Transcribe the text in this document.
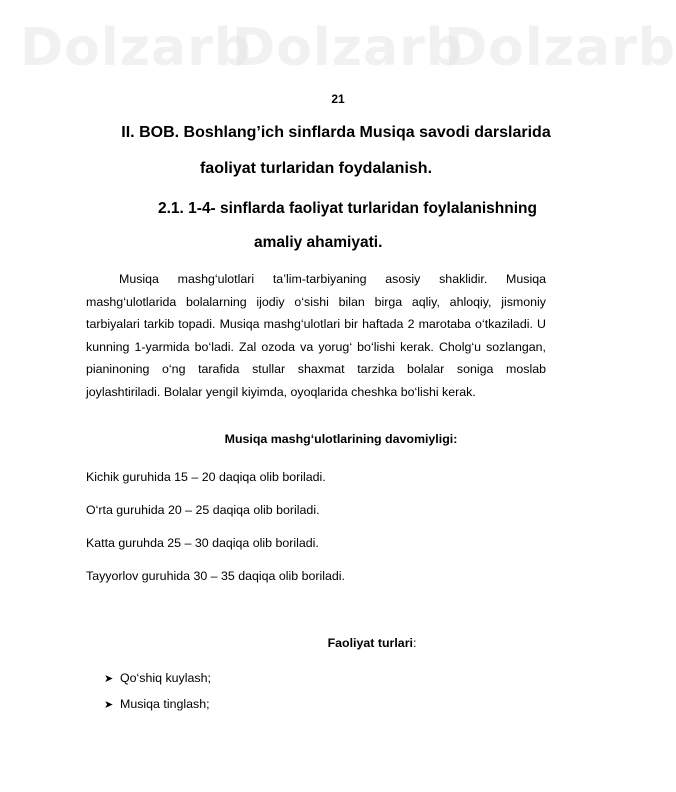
Dolzarb
Dolzarb
Dolzarb
21
II. BOB. Boshlang’ich sinflarda Musiqa savodi darslarida
faoliyat turlaridan foydalanish.
2.1. 1-4- sinflarda faoliyat turlaridan foylalanishning
amaliy ahamiyati.
Musiqa mashg‘ulotlari ta’lim-tarbiyaning asosiy shaklidir. Musiqa mashg‘ulotlarida bolalarning ijodiy o‘sishi bilan birga aqliy, ahloqiy, jismoniy tarbiyalari tarkib topadi. Musiqa mashg‘ulotlari bir haftada 2 marotaba o‘tkaziladi. U kunning 1-yarmida bo‘ladi. Zal ozoda va yorug‘ bo‘lishi kerak. Cholg‘u sozlangan, pianinoning o‘ng tarafida stullar shaxmat tarzida bolalar soniga moslab joylashtiriladi. Bolalar yengil kiyimda, oyoqlarida cheshka bo‘lishi kerak.
Musiqa mashg‘ulotlarining davomiyligi:
Kichik guruhida 15 – 20 daqiqa olib boriladi.
O‘rta guruhida 20 – 25 daqiqa olib boriladi.
Katta guruhda 25 – 30 daqiqa olib boriladi.
Tayyorlov guruhida 30 – 35 daqiqa olib boriladi.
Faoliyat turlari:
➤ Qo‘shiq kuylash;
➤ Musiqa tinglash;
